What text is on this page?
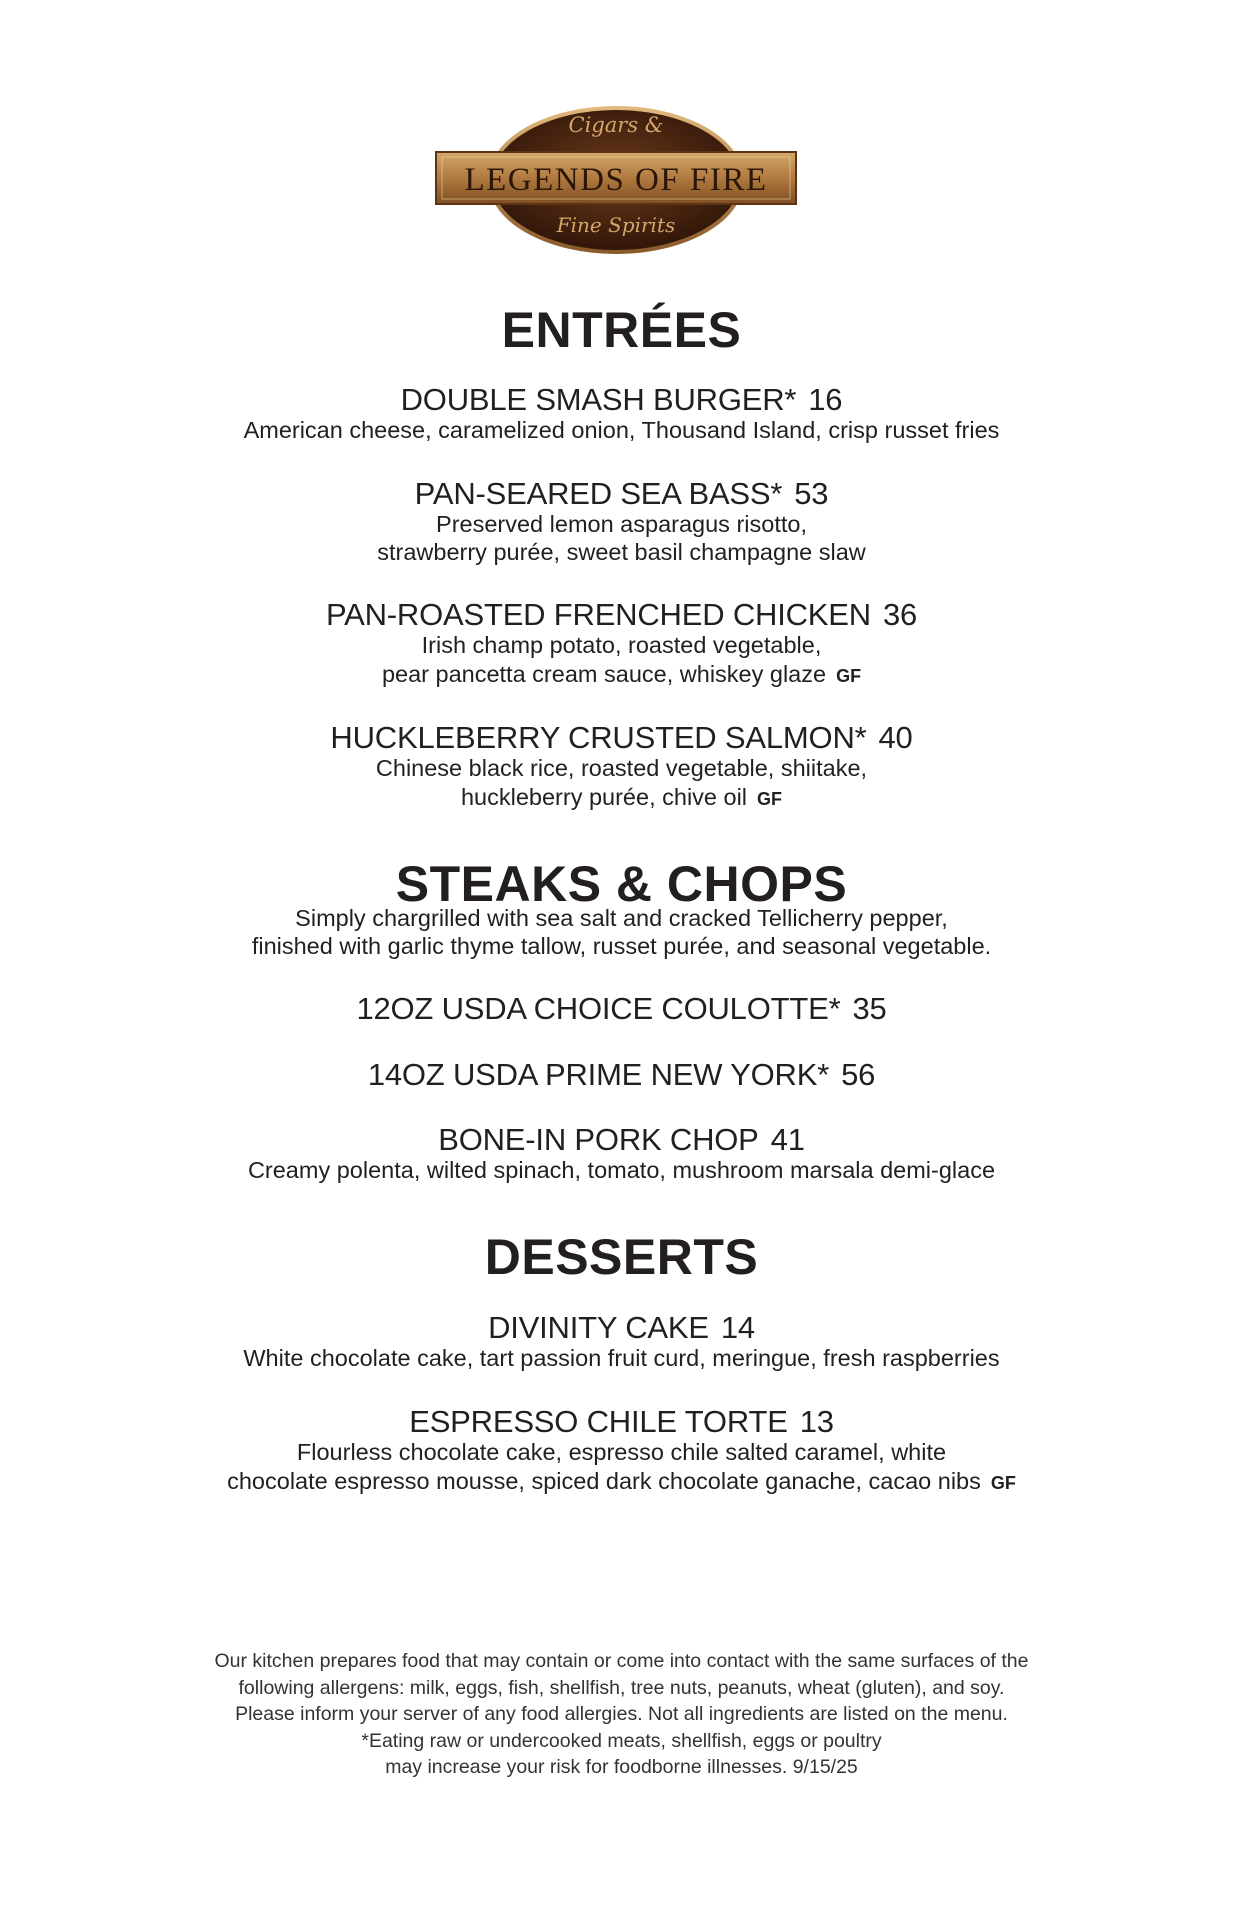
Cigars &
LEGENDS OF FIRE
Fine Spirits
ENTRÉES
DOUBLE SMASH BURGER* 16
American cheese, caramelized onion, Thousand Island, crisp russet fries
PAN-SEARED SEA BASS* 53
Preserved lemon asparagus risotto,
strawberry purée, sweet basil champagne slaw
PAN-ROASTED FRENCHED CHICKEN 36
Irish champ potato, roasted vegetable,
pear pancetta cream sauce, whiskey glaze GF
HUCKLEBERRY CRUSTED SALMON* 40
Chinese black rice, roasted vegetable, shiitake,
huckleberry purée, chive oil GF
STEAKS & CHOPS
Simply chargrilled with sea salt and cracked Tellicherry pepper,
finished with garlic thyme tallow, russet purée, and seasonal vegetable.
12OZ USDA CHOICE COULOTTE* 35
14OZ USDA PRIME NEW YORK* 56
BONE-IN PORK CHOP 41
Creamy polenta, wilted spinach, tomato, mushroom marsala demi-glace
DESSERTS
DIVINITY CAKE 14
White chocolate cake, tart passion fruit curd, meringue, fresh raspberries
ESPRESSO CHILE TORTE 13
Flourless chocolate cake, espresso chile salted caramel, white
chocolate espresso mousse, spiced dark chocolate ganache, cacao nibs GF
Our kitchen prepares food that may contain or come into contact with the same surfaces of the
following allergens: milk, eggs, fish, shellfish, tree nuts, peanuts, wheat (gluten), and soy.
Please inform your server of any food allergies. Not all ingredients are listed on the menu.
*Eating raw or undercooked meats, shellfish, eggs or poultry
may increase your risk for foodborne illnesses. 9/15/25
